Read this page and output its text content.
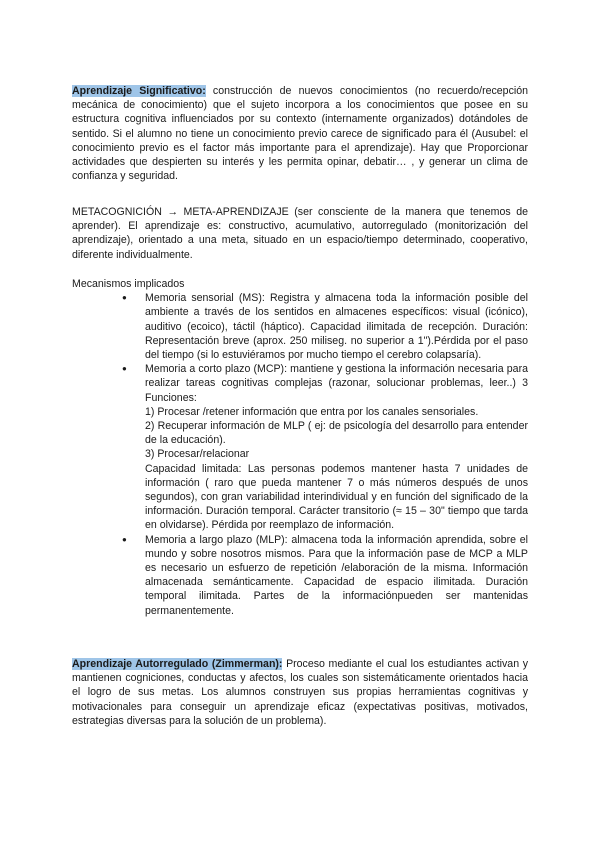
Aprendizaje Significativo: construcción de nuevos conocimientos (no recuerdo/recepción mecánica de conocimiento) que el sujeto incorpora a los conocimientos que posee en su estructura cognitiva influenciados por su contexto (internamente organizados) dotándoles de sentido. Si el alumno no tiene un conocimiento previo carece de significado para él (Ausubel: el conocimiento previo es el factor más importante para el aprendizaje). Hay que Proporcionar actividades que despierten su interés y les permita opinar, debatir… , y generar un clima de confianza y seguridad.

METACOGNICIÓN → META-APRENDIZAJE (ser consciente de la manera que tenemos de aprender). El aprendizaje es: constructivo, acumulativo, autorregulado (monitorización del aprendizaje), orientado a una meta, situado en un espacio/tiempo determinado, cooperativo, diferente individualmente.

Mecanismos implicados

● Memoria sensorial (MS): Registra y almacena toda la información posible del ambiente a través de los sentidos en almacenes específicos: visual (icónico), auditivo (ecoico), táctil (háptico). Capacidad ilimitada de recepción. Duración: Representación breve (aprox. 250 miliseg. no superior a 1").Pérdida por el paso del tiempo (si lo estuviéramos por mucho tiempo el cerebro colapsaría).

● Memoria a corto plazo (MCP): mantiene y gestiona la información necesaria para realizar tareas cognitivas complejas (razonar, solucionar problemas, leer..) 3 Funciones:

1) Procesar /retener información que entra por los canales sensoriales.

2) Recuperar información de MLP ( ej: de psicología del desarrollo para entender de la educación).

3) Procesar/relacionar

Capacidad limitada: Las personas podemos mantener hasta 7 unidades de información ( raro que pueda mantener 7 o más números después de unos segundos), con gran variabilidad interindividual y en función del significado de la información. Duración temporal. Carácter transitorio (≈ 15 – 30" tiempo que tarda en olvidarse). Pérdida por reemplazo de información.

● Memoria a largo plazo (MLP): almacena toda la información aprendida, sobre el mundo y sobre nosotros mismos. Para que la información pase de MCP a MLP es necesario un esfuerzo de repetición /elaboración de la misma. Información almacenada semánticamente. Capacidad de espacio ilimitada. Duración temporal ilimitada. Partes de la informaciónpueden ser mantenidas permanentemente.

Aprendizaje Autorregulado (Zimmerman): Proceso mediante el cual los estudiantes activan y mantienen cogniciones, conductas y afectos, los cuales son sistemáticamente orientados hacia el logro de sus metas. Los alumnos construyen sus propias herramientas cognitivas y motivacionales para conseguir un aprendizaje eficaz (expectativas positivas, motivados, estrategias diversas para la solución de un problema).
